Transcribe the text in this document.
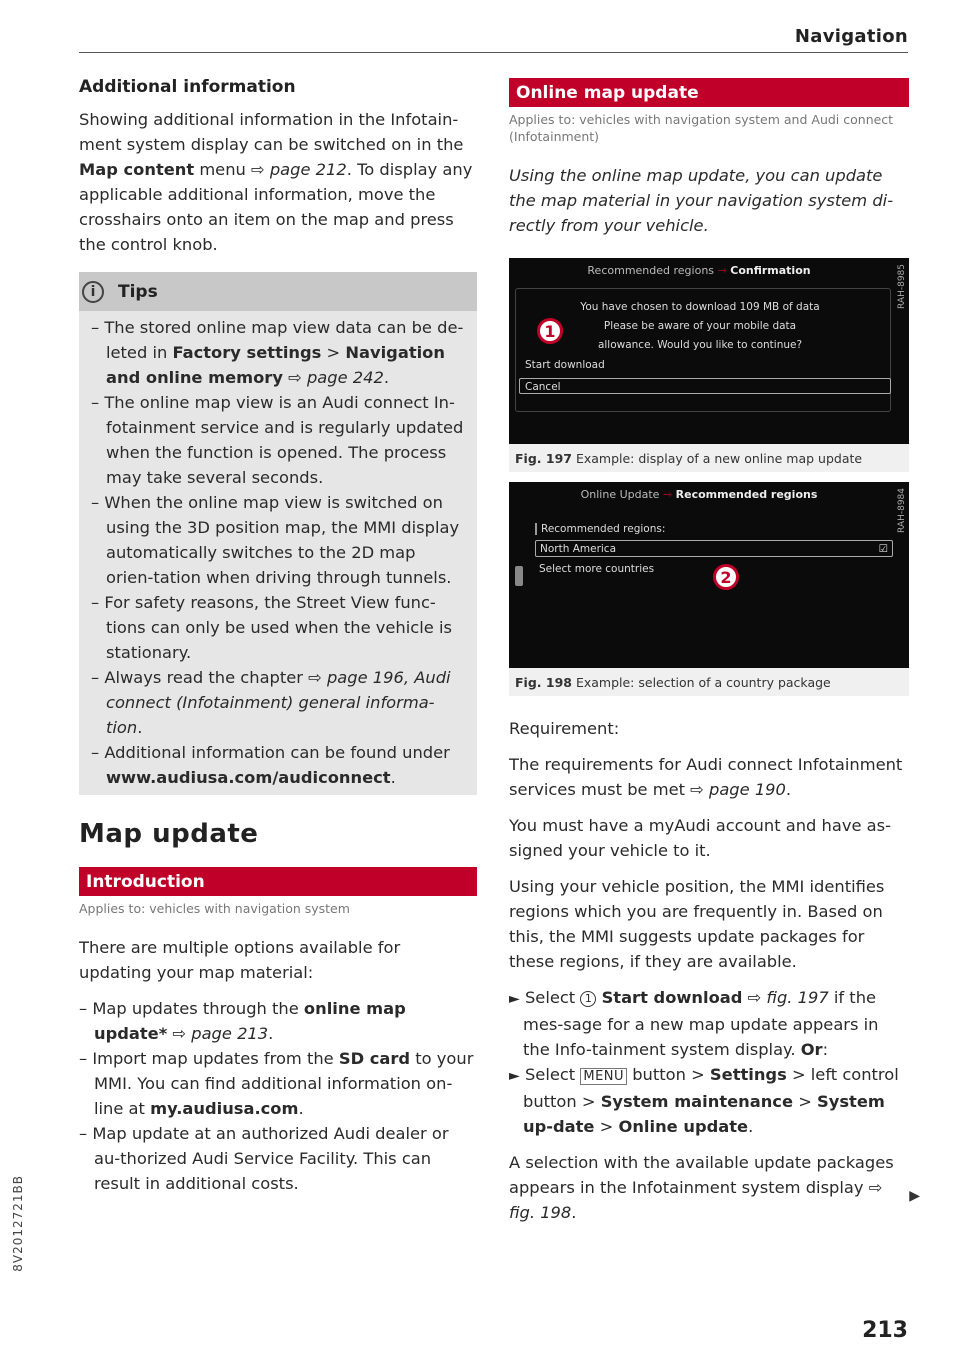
Navigation
Additional information

Showing additional information in the Infotain-ment system display can be switched on in the Map content menu ⇨ page 212. To display any applicable additional information, move the crosshairs onto an item on the map and press the control knob.

i	Tips
– The stored online map view data can be de-leted in Factory settings > Navigation and online memory ⇨ page 242.
– The online map view is an Audi connect In-fotainment service and is regularly updated when the function is opened. The process may take several seconds.
– When the online map view is switched on using the 3D position map, the MMI display automatically switches to the 2D map orien-tation when driving through tunnels.
– For safety reasons, the Street View func-tions can only be used when the vehicle is stationary.
– Always read the chapter ⇨ page 196, Audi connect (Infotainment) general informa-tion.
– Additional information can be found under www.audiusa.com/audiconnect.
Map update
Introduction
Applies to: vehicles with navigation system

There are multiple options available for updating your map material:

– Map updates through the online map update* ⇨ page 213.
– Import map updates from the SD card to your MMI. You can find additional information on-line at my.audiusa.com.
– Map update at an authorized Audi dealer or au-thorized Audi Service Facility. This can result in additional costs.
Online map update
Applies to: vehicles with navigation system and Audi connect (Infotainment)
Using the online map update, you can update the map material in your navigation system di-rectly from your vehicle.
Recommended regions ⇾ Confirmation	RAH-8985
You have chosen to download 109 MB of data
Please be aware of your mobile data
allowance. Would you like to continue?
1
Start download
Cancel
Fig. 197 Example: display of a new online map update
Online Update ⇾ Recommended regions	RAH-8984
Recommended regions:
North America	☑
Select more countries	2
Fig. 198 Example: selection of a country package

Requirement:

The requirements for Audi connect Infotainment services must be met ⇨ page 190.

You must have a myAudi account and have as-signed your vehicle to it.

Using your vehicle position, the MMI identifies regions which you are frequently in. Based on this, the MMI suggests update packages for these regions, if they are available.

► Select 1 Start download ⇨ fig. 197 if the mes-sage for a new map update appears in the Info-tainment system display. Or:
► Select MENU button > Settings > left control button > System maintenance > System up-date > Online update.

A selection with the available update packages appears in the Infotainment system display ⇨ fig. 198.

▶
8V2012721BB
213
